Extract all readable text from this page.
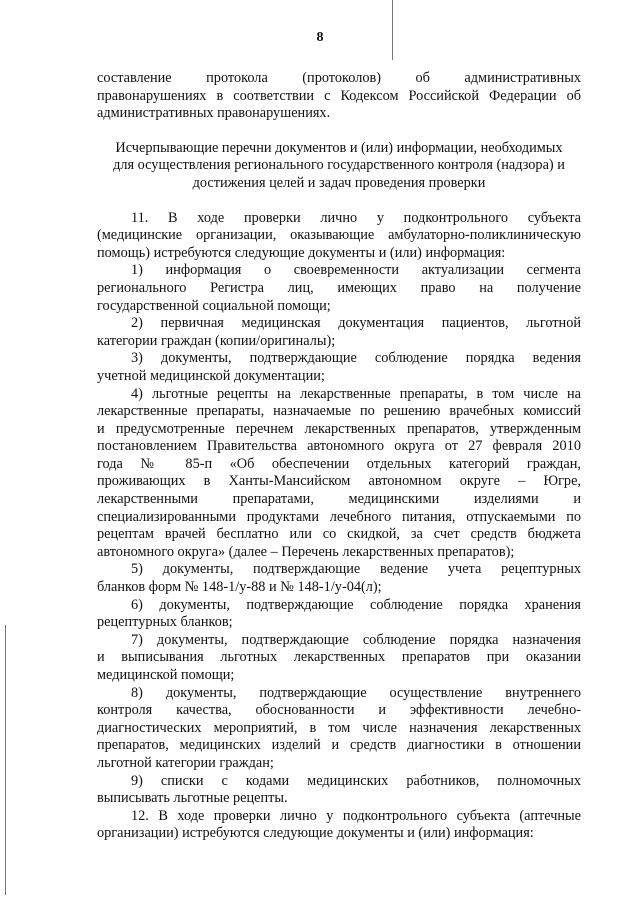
8

составление протокола (протоколов) об административных

правонарушениях в соответствии с Кодексом Российской Федерации об

административных правонарушениях.

Исчерпывающие перечни документов и (или) информации, необходимых

для осуществления регионального государственного контроля (надзора) и

достижения целей и задач проведения проверки

11. В ходе проверки лично у подконтрольного субъекта

(медицинские организации, оказывающие амбулаторно-поликлиническую

помощь) истребуются следующие документы и (или) информация:

1) информация о своевременности актуализации сегмента

регионального Регистра лиц, имеющих право на получение

государственной социальной помощи;

2) первичная медицинская документация пациентов, льготной

категории граждан (копии/оригиналы);

3) документы, подтверждающие соблюдение порядка ведения

учетной медицинской документации;

4) льготные рецепты на лекарственные препараты, в том числе на

лекарственные препараты, назначаемые по решению врачебных комиссий

и предусмотренные перечнем лекарственных препаратов, утвержденным

постановлением Правительства автономного округа от 27 февраля 2010

года № 85-п «Об обеспечении отдельных категорий граждан,

проживающих в Ханты-Мансийском автономном округе – Югре,

лекарственными препаратами, медицинскими изделиями и

специализированными продуктами лечебного питания, отпускаемыми по

рецептам врачей бесплатно или со скидкой, за счет средств бюджета

автономного округа» (далее – Перечень лекарственных препаратов);

5) документы, подтверждающие ведение учета рецептурных

бланков форм № 148-1/у-88 и № 148-1/у-04(л);

6) документы, подтверждающие соблюдение порядка хранения

рецептурных бланков;

7) документы, подтверждающие соблюдение порядка назначения

и выписывания льготных лекарственных препаратов при оказании

медицинской помощи;

8) документы, подтверждающие осуществление внутреннего

контроля качества, обоснованности и эффективности лечебно-

диагностических мероприятий, в том числе назначения лекарственных

препаратов, медицинских изделий и средств диагностики в отношении

льготной категории граждан;

9) списки с кодами медицинских работников, полномочных

выписывать льготные рецепты.

12. В ходе проверки лично у подконтрольного субъекта (аптечные

организации) истребуются следующие документы и (или) информация:
